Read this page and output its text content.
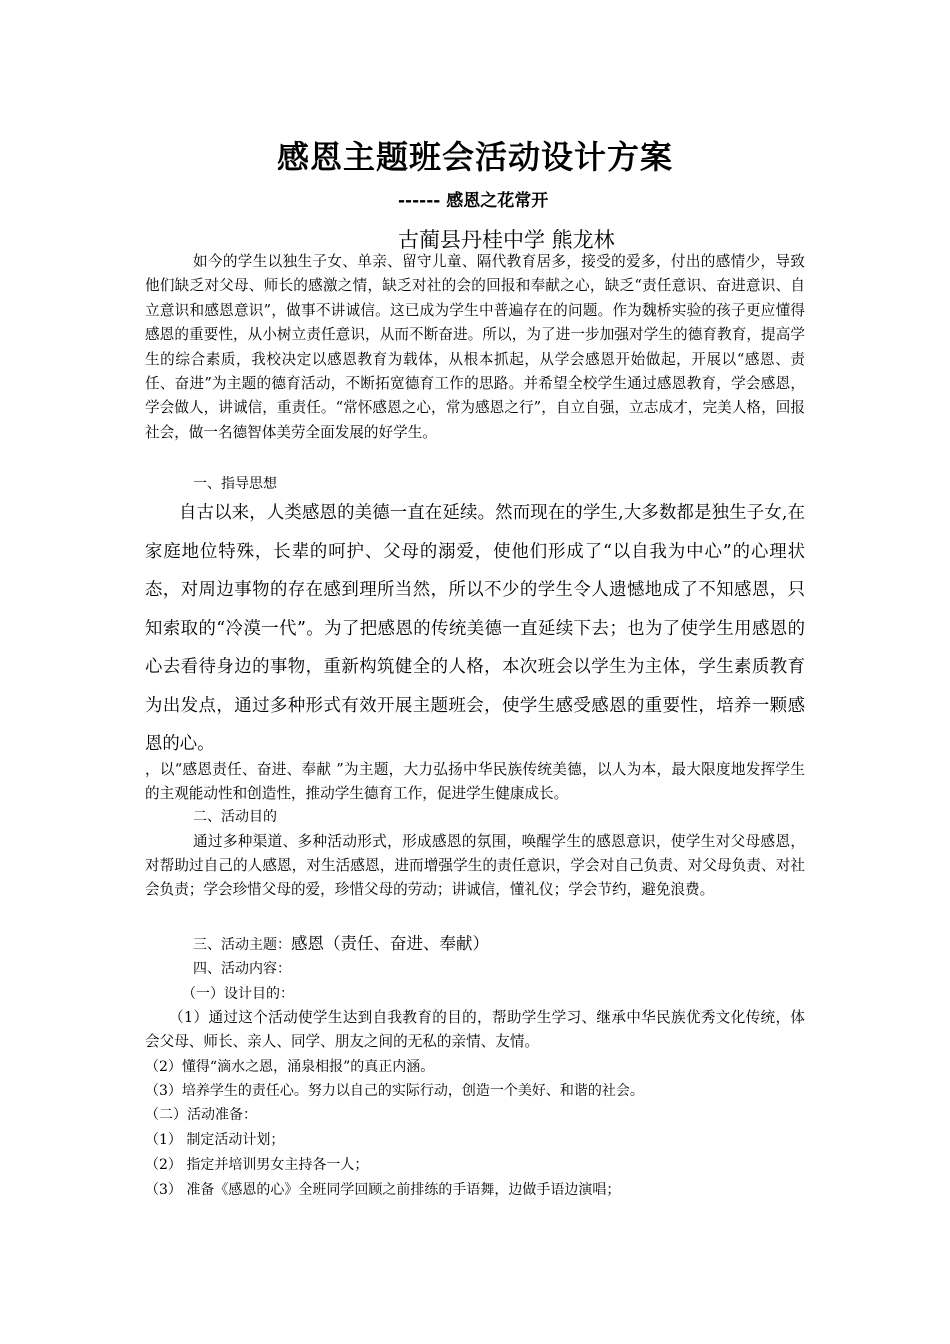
感恩主题班会活动设计方案
------ 感恩之花常开
古蔺县丹桂中学 熊龙林
如今的学生以独生子女、单亲、留守儿童、隔代教育居多，接受的爱多，付出的感情少，导致他们缺乏对父母、师长的感激之情，缺乏对社的会的回报和奉献之心，缺乏“责任意识、奋进意识、自立意识和感恩意识”，做事不讲诚信。这已成为学生中普遍存在的问题。作为魏桥实验的孩子更应懂得感恩的重要性，从小树立责任意识，从而不断奋进。所以，为了进一步加强对学生的德育教育，提高学生的综合素质，我校决定以感恩教育为载体，从根本抓起，从学会感恩开始做起，开展以“感恩、责任、奋进”为主题的德育活动，不断拓宽德育工作的思路。并希望全校学生通过感恩教育，学会感恩，学会做人，讲诚信，重责任。“常怀感恩之心，常为感恩之行”，自立自强，立志成才，完美人格，回报社会，做一名德智体美劳全面发展的好学生。
一、指导思想
自古以来，人类感恩的美德一直在延续。然而现在的学生,大多数都是独生子女,在家庭地位特殊，长辈的呵护、父母的溺爱，使他们形成了“以自我为中心”的心理状态，对周边事物的存在感到理所当然，所以不少的学生令人遗憾地成了不知感恩，只知索取的“冷漠一代”。为了把感恩的传统美德一直延续下去；也为了使学生用感恩的心去看待身边的事物，重新构筑健全的人格，本次班会以学生为主体，学生素质教育为出发点，通过多种形式有效开展主题班会，使学生感受感恩的重要性，培养一颗感恩的心。
，以“感恩责任、奋进、奉献 ”为主题，大力弘扬中华民族传统美德，以人为本，最大限度地发挥学生的主观能动性和创造性，推动学生德育工作，促进学生健康成长。
二、活动目的
通过多种渠道、多种活动形式，形成感恩的氛围，唤醒学生的感恩意识，使学生对父母感恩，对帮助过自己的人感恩，对生活感恩，进而增强学生的责任意识，学会对自己负责、对父母负责、对社会负责；学会珍惜父母的爱，珍惜父母的劳动；讲诚信，懂礼仪；学会节约，避免浪费。
三、活动主题：感恩（责任、奋进、奉献）
四、活动内容：
（一）设计目的：
（1）通过这个活动使学生达到自我教育的目的，帮助学生学习、继承中华民族优秀文化传统，体会父母、师长、亲人、同学、朋友之间的无私的亲情、友情。
（2）懂得“滴水之恩，涌泉相报”的真正内涵。
（3）培养学生的责任心。努力以自己的实际行动，创造一个美好、和谐的社会。
（二）活动准备：
（1） 制定活动计划；
（2） 指定并培训男女主持各一人；
（3） 准备《感恩的心》全班同学回顾之前排练的手语舞，边做手语边演唱；
